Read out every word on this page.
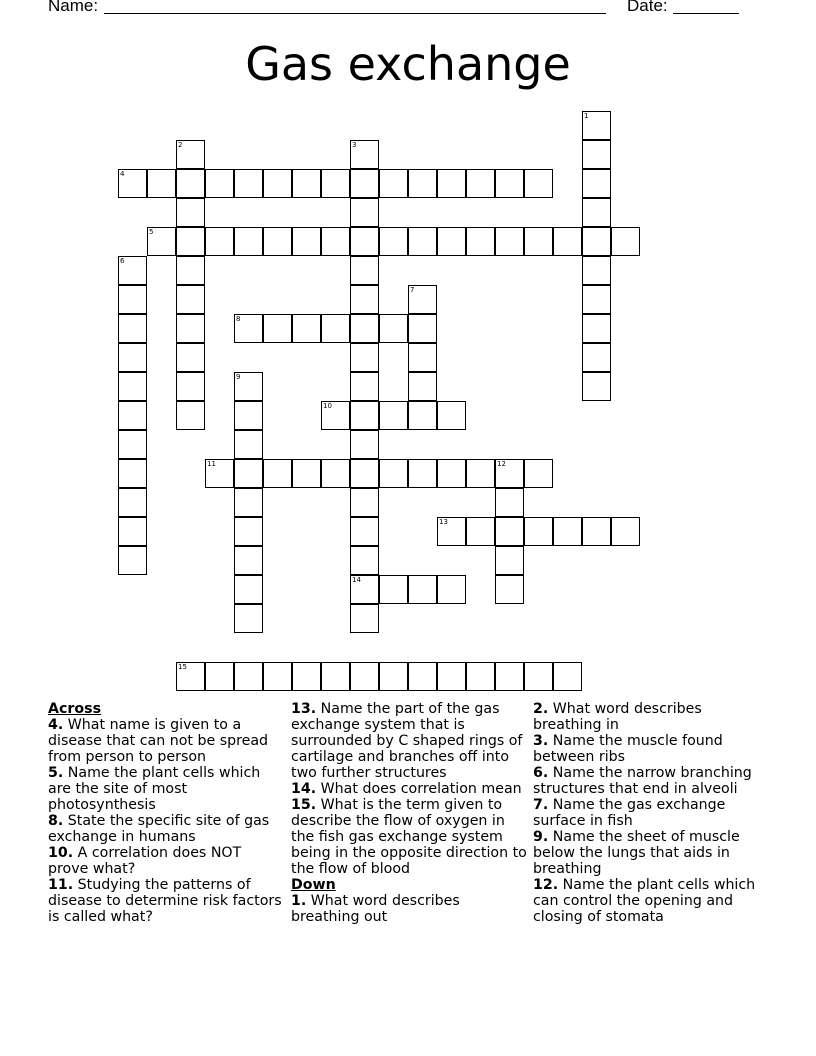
Name:	Date:
Gas exchange
1
2	3
4
5
6
7
8
9
10
11	12
13
14
15
Across

4. What name is given to a disease that can not be spread from person to person

5. Name the plant cells which are the site of most photosynthesis

8. State the specific site of gas exchange in humans

10. A correlation does NOT prove what?

11. Studying the patterns of disease to determine risk factors is called what?

13. Name the part of the gas exchange system that is surrounded by C shaped rings of cartilage and branches off into two further structures

14. What does correlation mean

15. What is the term given to describe the flow of oxygen in the fish gas exchange system being in the opposite direction to the flow of blood

Down

1. What word describes breathing out

2. What word describes breathing in

3. Name the muscle found between ribs

6. Name the narrow branching structures that end in alveoli

7. Name the gas exchange surface in fish

9. Name the sheet of muscle below the lungs that aids in breathing

12. Name the plant cells which can control the opening and closing of stomata
